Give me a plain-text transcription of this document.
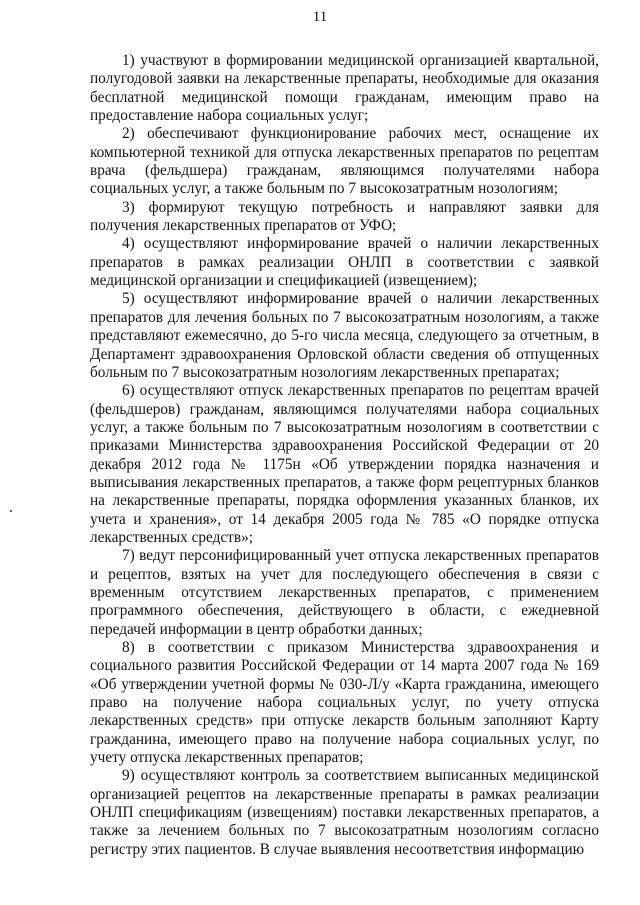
11

1) участвуют в формировании медицинской организацией квартальной, полугодовой заявки на лекарственные препараты, необходимые для оказания бесплатной медицинской помощи гражданам, имеющим право на предоставление набора социальных услуг;

2) обеспечивают функционирование рабочих мест, оснащение их компьютерной техникой для отпуска лекарственных препаратов по рецептам врача (фельдшера) гражданам, являющимся получателями набора социальных услуг, а также больным по 7 высокозатратным нозологиям;

3) формируют текущую потребность и направляют заявки для получения лекарственных препаратов от УФО;

4) осуществляют информирование врачей о наличии лекарственных препаратов в рамках реализации ОНЛП в соответствии с заявкой медицинской организации и спецификацией (извещением);

5) осуществляют информирование врачей о наличии лекарственных препаратов для лечения больных по 7 высокозатратным нозологиям, а также представляют ежемесячно, до 5-го числа месяца, следующего за отчетным, в Департамент здравоохранения Орловской области сведения об отпущенных больным по 7 высокозатратным нозологиям лекарственных препаратах;

6) осуществляют отпуск лекарственных препаратов по рецептам врачей (фельдшеров) гражданам, являющимся получателями набора социальных услуг, а также больным по 7 высокозатратным нозологиям в соответствии с приказами Министерства здравоохранения Российской Федерации от 20 декабря 2012 года № 1175н «Об утверждении порядка назначения и выписывания лекарственных препаратов, а также форм рецептурных бланков на лекарственные препараты, порядка оформления указанных бланков, их учета и хранения», от 14 декабря 2005 года № 785 «О порядке отпуска лекарственных средств»;

7) ведут персонифицированный учет отпуска лекарственных препаратов и рецептов, взятых на учет для последующего обеспечения в связи с временным отсутствием лекарственных препаратов, с применением программного обеспечения, действующего в области, с ежедневной передачей информации в центр обработки данных;

8) в соответствии с приказом Министерства здравоохранения и социального развития Российской Федерации от 14 марта 2007 года № 169 «Об утверждении учетной формы № 030-Л/у «Карта гражданина, имеющего право на получение набора социальных услуг, по учету отпуска лекарственных средств» при отпуске лекарств больным заполняют Карту гражданина, имеющего право на получение набора социальных услуг, по учету отпуска лекарственных препаратов;

9) осуществляют контроль за соответствием выписанных медицинской организацией рецептов на лекарственные препараты в рамках реализации ОНЛП спецификациям (извещениям) поставки лекарственных препаратов, а также за лечением больных по 7 высокозатратным нозологиям согласно регистру этих пациентов. В случае выявления несоответствия информацию
